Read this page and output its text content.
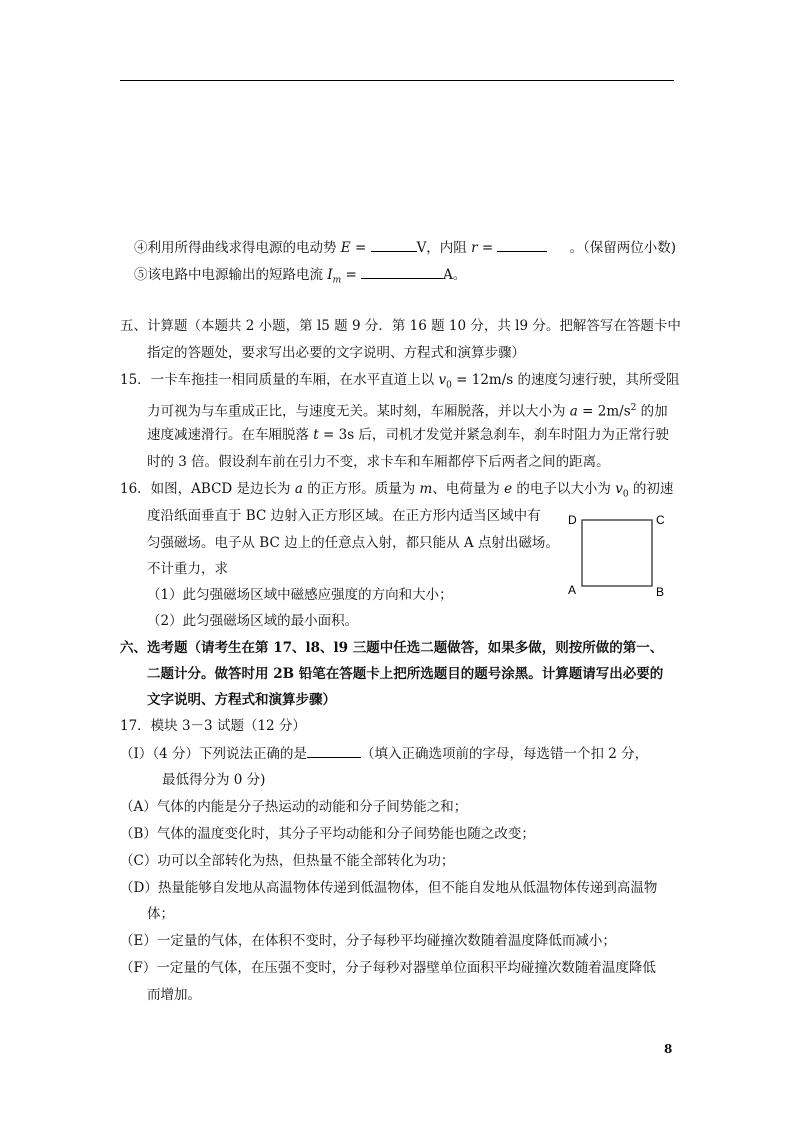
④利用所得曲线求得电源的电动势 E =	V，内阻 r =	。（保留两位小数)
⑤该电路中电源输出的短路电流 $I_m$ =	A。
五、计算题（本题共 2 小题，第 l5 题 9 分．第 16 题 10 分，共 l9 分。把解答写在答题卡中
指定的答题处，要求写出必要的文字说明、方程式和演算步骤）
15．一卡车拖挂一相同质量的车厢，在水平直道上以 $v_0 = 12m/s$ 的速度匀速行驶，其所受阻
力可视为与车重成正比，与速度无关。某时刻，车厢脱落，并以大小为 $a = 2m/s^2$ 的加
速度减速滑行。在车厢脱落 t = 3s 后，司机才发觉并紧急刹车，刹车时阻力为正常行驶
时的 3 倍。假设刹车前在引力不变，求卡车和车厢都停下后两者之间的距离。
16．如图，ABCD 是边长为 a 的正方形。质量为 m、电荷量为 e 的电子以大小为 $v_0$ 的初速
度沿纸面垂直于 BC 边射入正方形区域。在正方形内适当区域中有
匀强磁场。电子从 BC 边上的任意点入射，都只能从 A 点射出磁场。
不计重力，求
（1）此匀强磁场区域中磁感应强度的方向和大小；
（2）此匀强磁场区域的最小面积。
D	C
A	B
六、选考题（请考生在第 17、l8、l9 三题中任选二题做答，如果多做，则按所做的第一、
二题计分。做答时用 2B 铅笔在答题卡上把所选题目的题号涂黑。计算题请写出必要的
文字说明、方程式和演算步骤）
17．模块 3－3 试题（12 分）
（Ⅰ）（4 分）下列说法正确的是	（填入正确选项前的字母，每选错一个扣 2 分，
最低得分为 0 分)
（A）气体的内能是分子热运动的动能和分子间势能之和；
（B）气体的温度变化时，其分子平均动能和分子间势能也随之改变；
（C）功可以全部转化为热，但热量不能全部转化为功；
（D）热量能够自发地从高温物体传递到低温物体，但不能自发地从低温物体传递到高温物
体；
（E）一定量的气体，在体积不变时，分子每秒平均碰撞次数随着温度降低而减小；
（F）一定量的气体，在压强不变时，分子每秒对器壁单位面积平均碰撞次数随着温度降低
而增加。
8
